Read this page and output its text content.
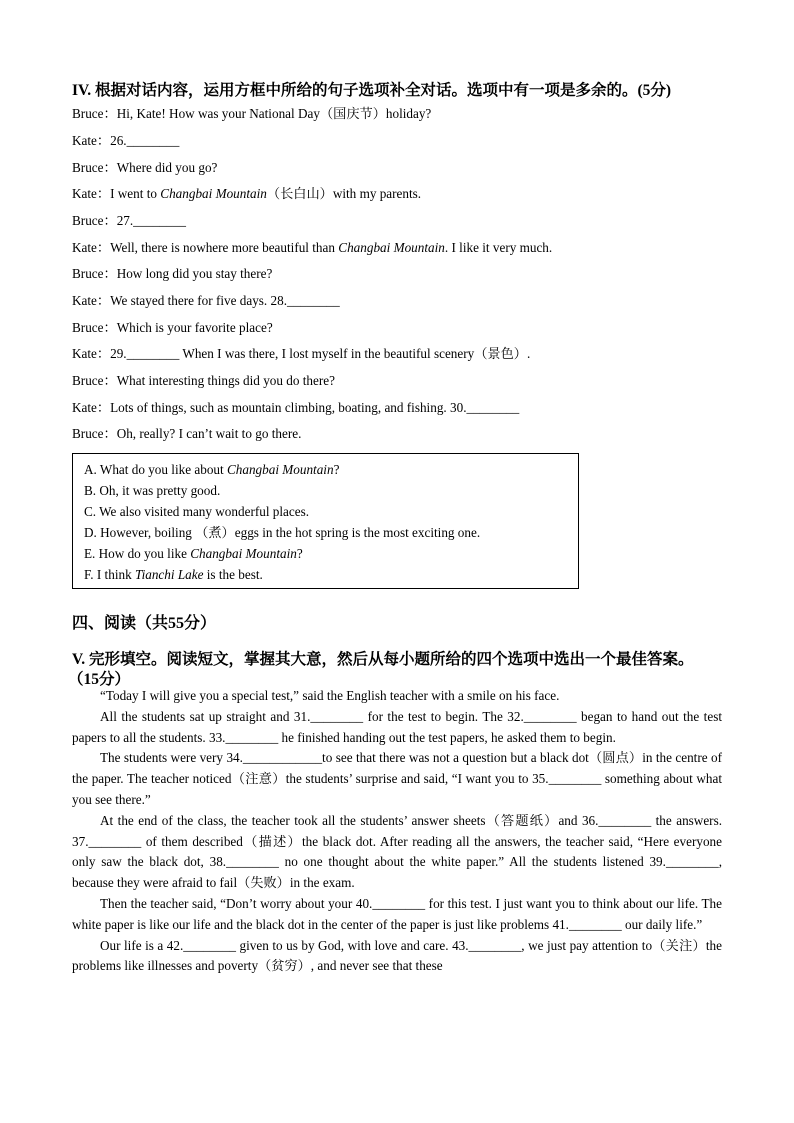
IV. 根据对话内容，运用方框中所给的句子选项补全对话。选项中有一项是多余的。(5分)
Bruce：Hi, Kate! How was your National Day（国庆节）holiday?
Kate：26.________
Bruce：Where did you go?
Kate：I went to Changbai Mountain（长白山）with my parents.
Bruce：27.________
Kate：Well, there is nowhere more beautiful than Changbai Mountain. I like it very much.
Bruce：How long did you stay there?
Kate：We stayed there for five days. 28.________
Bruce：Which is your favorite place?
Kate：29.________ When I was there, I lost myself in the beautiful scenery（景色）.
Bruce：What interesting things did you do there?
Kate：Lots of things, such as mountain climbing, boating, and fishing. 30.________
Bruce：Oh, really? I can’t wait to go there.
A. What do you like about Changbai Mountain?
B. Oh, it was pretty good.
C. We also visited many wonderful places.
D. However, boiling （煮）eggs in the hot spring is the most exciting one.
E. How do you like Changbai Mountain?
F. I think Tianchi Lake is the best.
四、阅读（共55分）
V. 完形填空。阅读短文，掌握其大意，然后从每小题所给的四个选项中选出一个最佳答案。
（15分）

“Today I will give you a special test,” said the English teacher with a smile on his face.

All the students sat up straight and 31.________ for the test to begin. The 32.________ began to hand out the test papers to all the students. 33.________ he finished handing out the test papers, he asked them to begin.

The students were very 34.____________to see that there was not a question but a black dot（圆点）in the centre of the paper. The teacher noticed（注意）the students’ surprise and said, “I want you to 35.________ something about what you see there.”

At the end of the class, the teacher took all the students’ answer sheets（答题纸）and 36.________ the answers. 37.________ of them described（描述）the black dot. After reading all the answers, the teacher said, “Here everyone only saw the black dot, 38.________ no one thought about the white paper.” All the students listened 39.________, because they were afraid to fail（失败）in the exam.

Then the teacher said, “Don’t worry about your 40.________ for this test. I just want you to think about our life. The white paper is like our life and the black dot in the center of the paper is just like problems 41.________ our daily life.”

Our life is a 42.________ given to us by God, with love and care. 43.________, we just pay attention to（关注）the problems like illnesses and poverty（贫穷）, and never see that these
